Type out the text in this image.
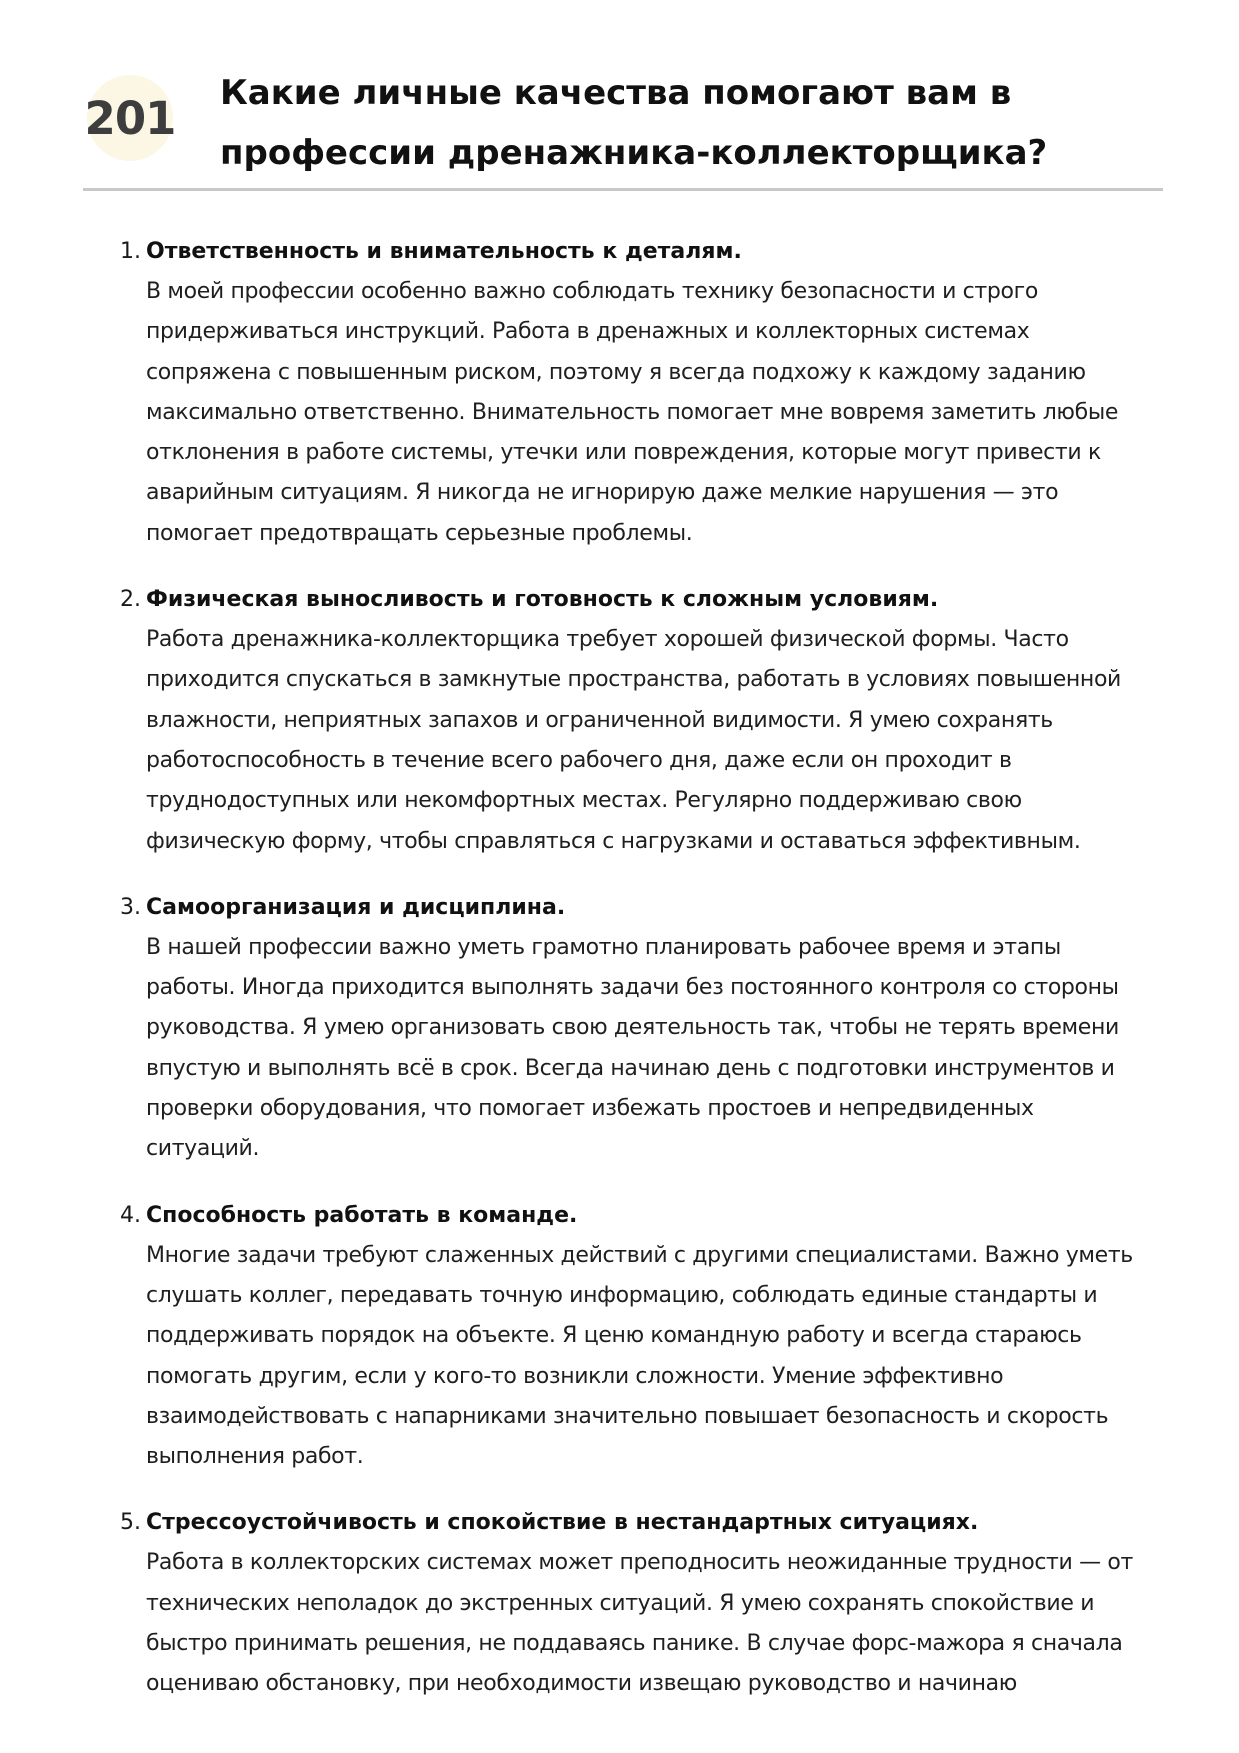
201 Какие личные качества помогают вам в профессии дренажника-коллекторщика?
1. Ответственность и внимательность к деталям.
В моей профессии особенно важно соблюдать технику безопасности и строго
придерживаться инструкций. Работа в дренажных и коллекторных системах
сопряжена с повышенным риском, поэтому я всегда подхожу к каждому заданию
максимально ответственно. Внимательность помогает мне вовремя заметить любые
отклонения в работе системы, утечки или повреждения, которые могут привести к
аварийным ситуациям. Я никогда не игнорирую даже мелкие нарушения — это
помогает предотвращать серьезные проблемы.
2. Физическая выносливость и готовность к сложным условиям.
Работа дренажника-коллекторщика требует хорошей физической формы. Часто
приходится спускаться в замкнутые пространства, работать в условиях повышенной
влажности, неприятных запахов и ограниченной видимости. Я умею сохранять
работоспособность в течение всего рабочего дня, даже если он проходит в
труднодоступных или некомфортных местах. Регулярно поддерживаю свою
физическую форму, чтобы справляться с нагрузками и оставаться эффективным.
3. Самоорганизация и дисциплина.
В нашей профессии важно уметь грамотно планировать рабочее время и этапы
работы. Иногда приходится выполнять задачи без постоянного контроля со стороны
руководства. Я умею организовать свою деятельность так, чтобы не терять времени
впустую и выполнять всё в срок. Всегда начинаю день с подготовки инструментов и
проверки оборудования, что помогает избежать простоев и непредвиденных
ситуаций.
4. Способность работать в команде.
Многие задачи требуют слаженных действий с другими специалистами. Важно уметь
слушать коллег, передавать точную информацию, соблюдать единые стандарты и
поддерживать порядок на объекте. Я ценю командную работу и всегда стараюсь
помогать другим, если у кого-то возникли сложности. Умение эффективно
взаимодействовать с напарниками значительно повышает безопасность и скорость
выполнения работ.
5. Стрессоустойчивость и спокойствие в нестандартных ситуациях.
Работа в коллекторских системах может преподносить неожиданные трудности — от
технических неполадок до экстренных ситуаций. Я умею сохранять спокойствие и
быстро принимать решения, не поддаваясь панике. В случае форс-мажора я сначала
оцениваю обстановку, при необходимости извещаю руководство и начинаю
